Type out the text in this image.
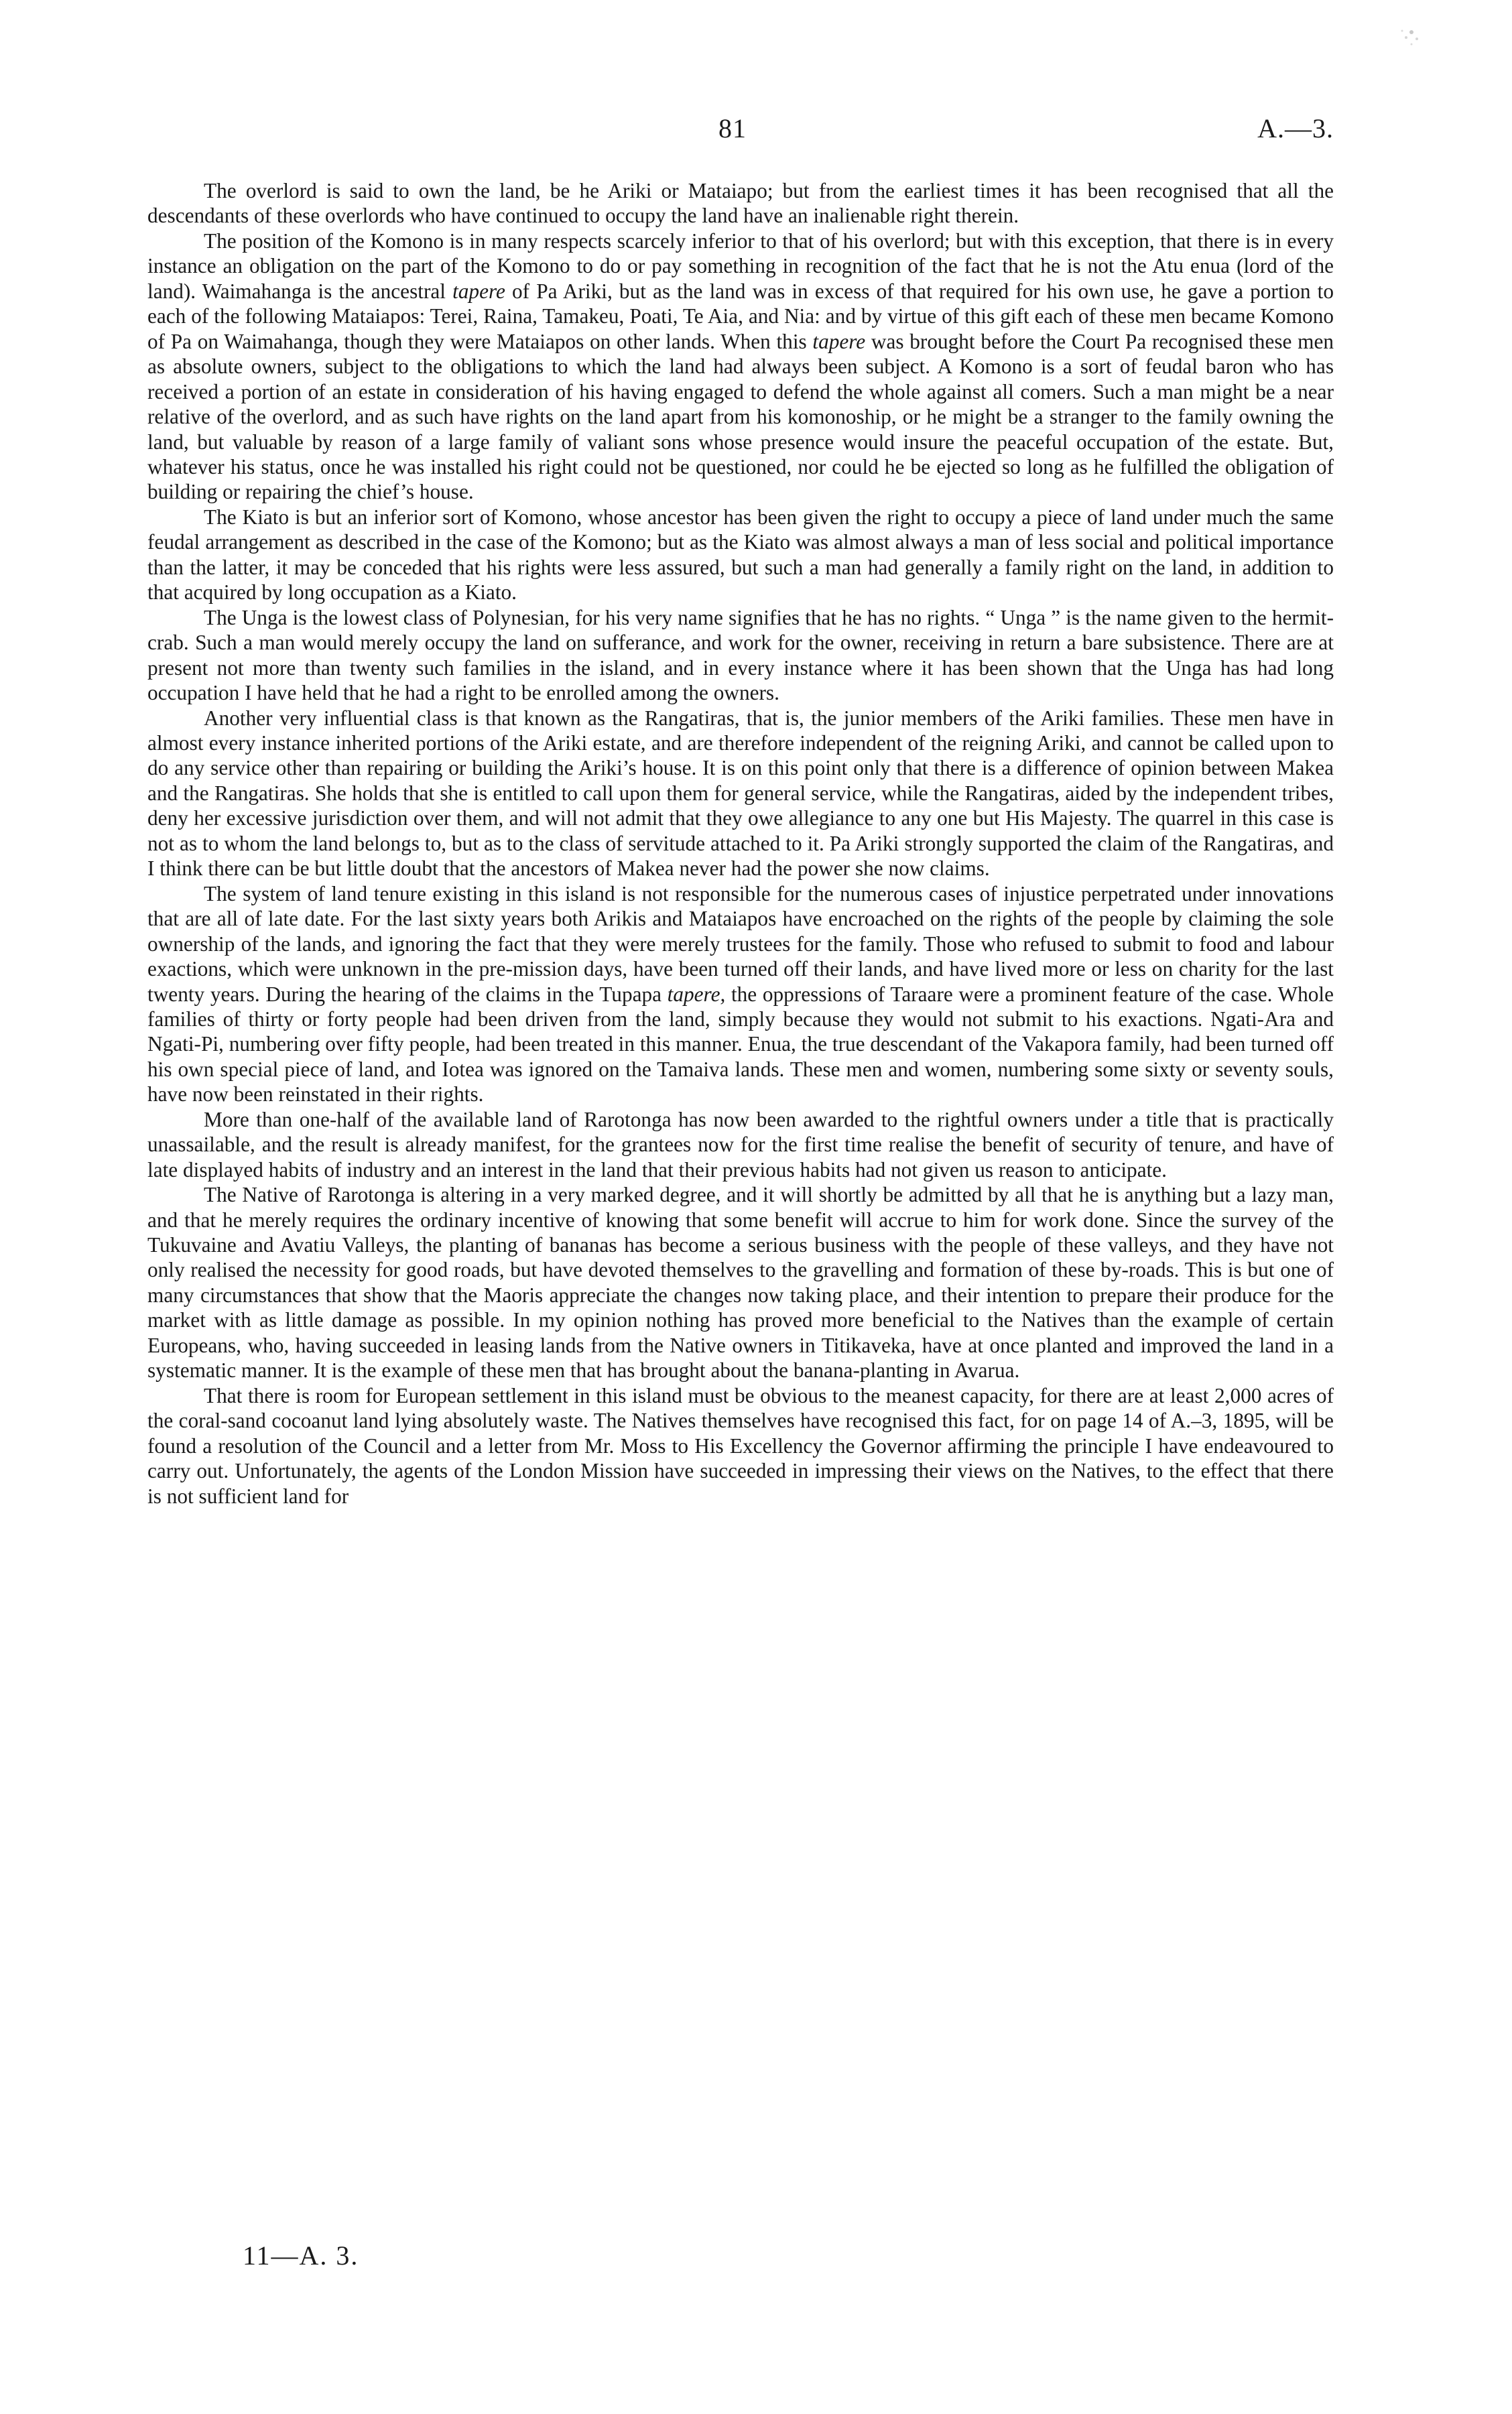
81	A.—3.

The overlord is said to own the land, be he Ariki or Mataiapo; but from the earliest times it has been recognised that all the descendants of these overlords who have continued to occupy the land have an inalienable right therein.

The position of the Komono is in many respects scarcely inferior to that of his overlord; but with this exception, that there is in every instance an obligation on the part of the Komono to do or pay something in recognition of the fact that he is not the Atu enua (lord of the land). Waimahanga is the ancestral tapere of Pa Ariki, but as the land was in excess of that required for his own use, he gave a portion to each of the following Mataiapos: Terei, Raina, Tamakeu, Poati, Te Aia, and Nia: and by virtue of this gift each of these men became Komono of Pa on Waimahanga, though they were Mataiapos on other lands. When this tapere was brought before the Court Pa recognised these men as absolute owners, subject to the obligations to which the land had always been subject. A Komono is a sort of feudal baron who has received a portion of an estate in consideration of his having engaged to defend the whole against all comers. Such a man might be a near relative of the overlord, and as such have rights on the land apart from his komonoship, or he might be a stranger to the family owning the land, but valuable by reason of a large family of valiant sons whose presence would insure the peaceful occupation of the estate. But, whatever his status, once he was installed his right could not be questioned, nor could he be ejected so long as he fulfilled the obligation of building or repairing the chief’s house.

The Kiato is but an inferior sort of Komono, whose ancestor has been given the right to occupy a piece of land under much the same feudal arrangement as described in the case of the Komono; but as the Kiato was almost always a man of less social and political importance than the latter, it may be conceded that his rights were less assured, but such a man had generally a family right on the land, in addition to that acquired by long occupation as a Kiato.

The Unga is the lowest class of Polynesian, for his very name signifies that he has no rights. “ Unga ” is the name given to the hermit-crab. Such a man would merely occupy the land on sufferance, and work for the owner, receiving in return a bare subsistence. There are at present not more than twenty such families in the island, and in every instance where it has been shown that the Unga has had long occupation I have held that he had a right to be enrolled among the owners.

Another very influential class is that known as the Rangatiras, that is, the junior members of the Ariki families. These men have in almost every instance inherited portions of the Ariki estate, and are therefore independent of the reigning Ariki, and cannot be called upon to do any service other than repairing or building the Ariki’s house. It is on this point only that there is a difference of opinion between Makea and the Rangatiras. She holds that she is entitled to call upon them for general service, while the Rangatiras, aided by the independent tribes, deny her excessive jurisdiction over them, and will not admit that they owe allegiance to any one but His Majesty. The quarrel in this case is not as to whom the land belongs to, but as to the class of servitude attached to it. Pa Ariki strongly supported the claim of the Rangatiras, and I think there can be but little doubt that the ancestors of Makea never had the power she now claims.

The system of land tenure existing in this island is not responsible for the numerous cases of injustice perpetrated under innovations that are all of late date. For the last sixty years both Arikis and Mataiapos have encroached on the rights of the people by claiming the sole ownership of the lands, and ignoring the fact that they were merely trustees for the family. Those who refused to submit to food and labour exactions, which were unknown in the pre-mission days, have been turned off their lands, and have lived more or less on charity for the last twenty years. During the hearing of the claims in the Tupapa tapere, the oppressions of Taraare were a prominent feature of the case. Whole families of thirty or forty people had been driven from the land, simply because they would not submit to his exactions. Ngati-Ara and Ngati-Pi, numbering over fifty people, had been treated in this manner. Enua, the true descendant of the Vakapora family, had been turned off his own special piece of land, and Iotea was ignored on the Tamaiva lands. These men and women, numbering some sixty or seventy souls, have now been reinstated in their rights.

More than one-half of the available land of Rarotonga has now been awarded to the rightful owners under a title that is practically unassailable, and the result is already manifest, for the grantees now for the first time realise the benefit of security of tenure, and have of late displayed habits of industry and an interest in the land that their previous habits had not given us reason to anticipate.

The Native of Rarotonga is altering in a very marked degree, and it will shortly be admitted by all that he is anything but a lazy man, and that he merely requires the ordinary incentive of knowing that some benefit will accrue to him for work done. Since the survey of the Tukuvaine and Avatiu Valleys, the planting of bananas has become a serious business with the people of these valleys, and they have not only realised the necessity for good roads, but have devoted themselves to the gravelling and formation of these by-roads. This is but one of many circumstances that show that the Maoris appreciate the changes now taking place, and their intention to prepare their produce for the market with as little damage as possible. In my opinion nothing has proved more beneficial to the Natives than the example of certain Europeans, who, having succeeded in leasing lands from the Native owners in Titikaveka, have at once planted and improved the land in a systematic manner. It is the example of these men that has brought about the banana-planting in Avarua.

That there is room for European settlement in this island must be obvious to the meanest capacity, for there are at least 2,000 acres of the coral-sand cocoanut land lying absolutely waste. The Natives themselves have recognised this fact, for on page 14 of A.–3, 1895, will be found a resolution of the Council and a letter from Mr. Moss to His Excellency the Governor affirming the principle I have endeavoured to carry out. Unfortunately, the agents of the London Mission have succeeded in impressing their views on the Natives, to the effect that there is not sufficient land for

11—A. 3.
